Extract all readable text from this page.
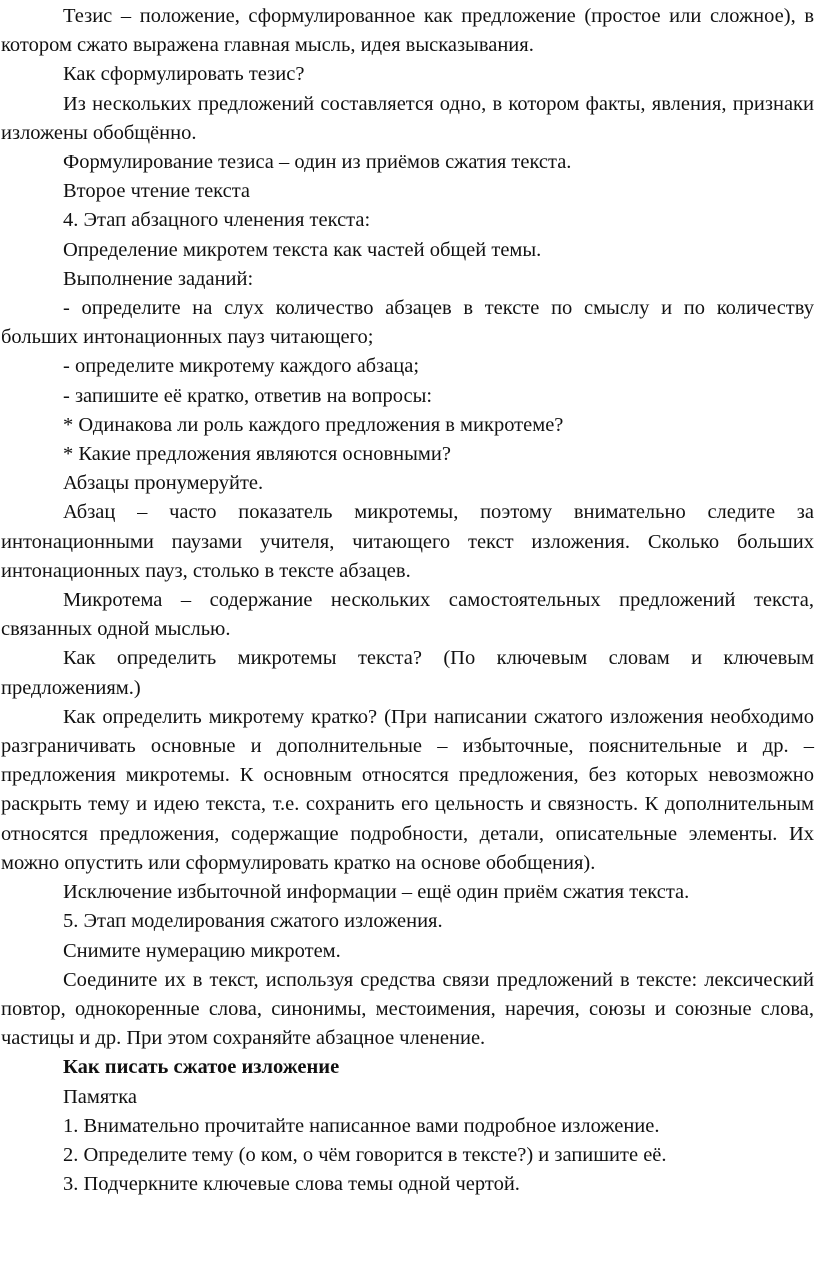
Тезис – положение, сформулированное как предложение (простое или сложное), в котором сжато выражена главная мысль, идея высказывания.

Как сформулировать тезис?

Из нескольких предложений составляется одно, в котором факты, явления, признаки изложены обобщённо.

Формулирование тезиса – один из приёмов сжатия текста.

Второе чтение текста

4. Этап абзацного членения текста:

Определение микротем текста как частей общей темы.

Выполнение заданий:

- определите на слух количество абзацев в тексте по смыслу и по количеству больших интонационных пауз читающего;

- определите микротему каждого абзаца;

- запишите её кратко, ответив на вопросы:

* Одинакова ли роль каждого предложения в микротеме?

* Какие предложения являются основными?

Абзацы пронумеруйте.

Абзац – часто показатель микротемы, поэтому внимательно следите за интонационными паузами учителя, читающего текст изложения. Сколько больших интонационных пауз, столько в тексте абзацев.

Микротема – содержание нескольких самостоятельных предложений текста, связанных одной мыслью.

Как определить микротемы текста? (По ключевым словам и ключевым предложениям.)

Как определить микротему кратко? (При написании сжатого изложения необходимо разграничивать основные и дополнительные – избыточные, пояснительные и др. – предложения микротемы. К основным относятся предложения, без которых невозможно раскрыть тему и идею текста, т.е. сохранить его цельность и связность. К дополнительным относятся предложения, содержащие подробности, детали, описательные элементы. Их можно опустить или сформулировать кратко на основе обобщения).

Исключение избыточной информации – ещё один приём сжатия текста.

5. Этап моделирования сжатого изложения.

Снимите нумерацию микротем.

Соедините их в текст, используя средства связи предложений в тексте: лексический повтор, однокоренные слова, синонимы, местоимения, наречия, союзы и союзные слова, частицы и др. При этом сохраняйте абзацное членение.

Как писать сжатое изложение

Памятка

1. Внимательно прочитайте написанное вами подробное изложение.

2. Определите тему (о ком, о чём говорится в тексте?) и запишите её.

3. Подчеркните ключевые слова темы одной чертой.
